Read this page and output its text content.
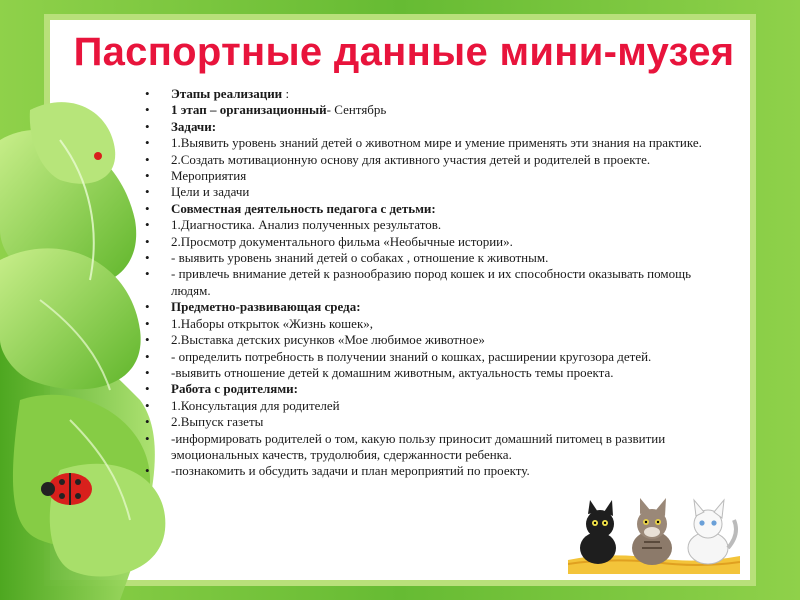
Паспортные данные мини-музея
• Этапы реализации :
• 1 этап – организационный- Сентябрь
• Задачи:
• 1.Выявить уровень знаний детей о животном мире и умение применять эти знания на практике.
• 2.Создать мотивационную основу для активного участия детей и родителей в проекте.
• Мероприятия
• Цели и задачи
• Совместная деятельность педагога с детьми:
• 1.Диагностика. Анализ полученных результатов.
• 2.Просмотр документального фильма «Необычные истории».
• - выявить уровень знаний детей о собаках , отношение к животным.
• - привлечь внимание детей к разнообразию пород кошек и их способности оказывать помощь людям.
• Предметно-развивающая среда:
• 1.Наборы открыток «Жизнь кошек»,
• 2.Выставка детских рисунков «Мое любимое животное»
• - определить потребность в получении знаний о кошках, расширении кругозора детей.
• -выявить отношение детей к домашним животным, актуальность темы проекта.
• Работа с родителями:
• 1.Консультация для родителей
• 2.Выпуск газеты
• -информировать родителей о том, какую пользу приносит домашний питомец в развитии эмоциональных качеств, трудолюбия, сдержанности ребенка.
• -познакомить и обсудить задачи и план мероприятий по проекту.
